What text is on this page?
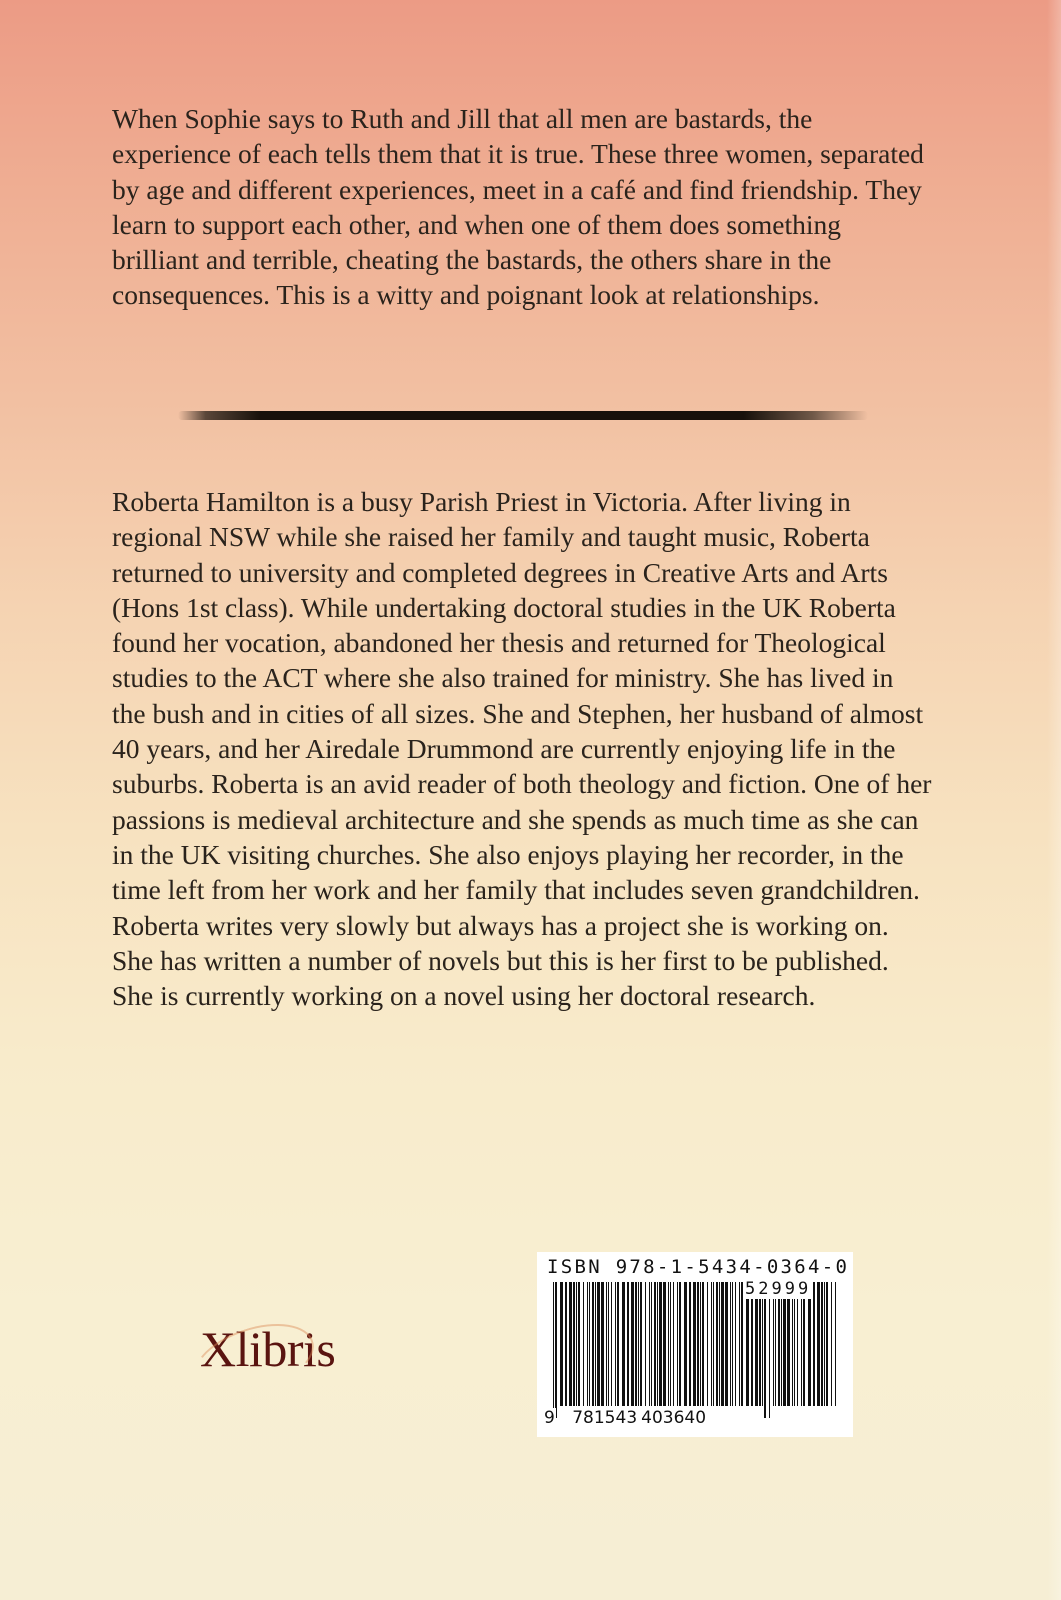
When Sophie says to Ruth and Jill that all men are bastards, the experience of each tells them that it is true. These three women, separated by age and different experiences, meet in a café and find friendship. They learn to support each other, and when one of them does something brilliant and terrible, cheating the bastards, the others share in the consequences. This is a witty and poignant look at relationships.

Roberta Hamilton is a busy Parish Priest in Victoria. After living in regional NSW while she raised her family and taught music, Roberta returned to university and completed degrees in Creative Arts and Arts (Hons 1st class). While undertaking doctoral studies in the UK Roberta found her vocation, abandoned her thesis and returned for Theological studies to the ACT where she also trained for ministry. She has lived in the bush and in cities of all sizes. She and Stephen, her husband of almost 40 years, and her Airedale Drummond are currently enjoying life in the suburbs. Roberta is an avid reader of both theology and fiction. One of her passions is medieval architecture and she spends as much time as she can in the UK visiting churches. She also enjoys playing her recorder, in the time left from her work and her family that includes seven grandchildren. Roberta writes very slowly but always has a project she is working on. She has written a number of novels but this is her first to be published. She is currently working on a novel using her doctoral research.

Xlibris
ISBN 978-1-5434-0364-0
52999
9 781543 403640
